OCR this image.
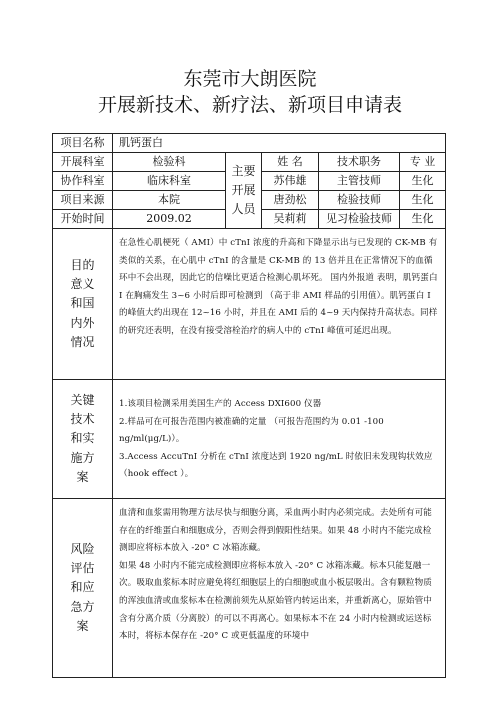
东莞市大朗医院
开展新技术、新疗法、新项目申请表
项目名称	肌钙蛋白				
开展科室	检验科	主要开展人员	姓 名	技术职务	专 业
协作科室	临床科室		苏伟雄	主管技师	生化
项目来源	本院		唐劲松	检验技师	生化
开始时间	2009.02		吴莉莉	见习检验技师	生化

目的意义和国内外情况	在急性心肌梗死（ AMI）中 cTnI 浓度的升高和下降显示出与已发现的 CK-MB 有类似的关系，在心肌中 cTnI 的含量是 CK-MB 的 13 倍并且在正常情况下的血循环中不会出现，因此它的信噪比更适合检测心肌坏死。 国内外报道 表明，肌钙蛋白 I 在胸痛发生 3~6 小时后即可检测到 （高于非 AMI 样品的引用值）。肌钙蛋白 I 的峰值大约出现在 12~16 小时，并且在 AMI 后的 4~9 天内保持升高状态。同样的研究还表明，在没有接受溶栓治疗的病人中的 cTnI 峰值可延迟出现。				

关键技术和实施方案	1.该项目检测采用美国生产的 Access DXI600 仪器

2.样品可在可报告范围内被准确的定量 （可报告范围约为 0.01 -100 ng/ml(μg/L)）。

3.Access AccuTnI 分析在 cTnI 浓度达到 1920 ng/mL 时依旧未发现钩状效应（hook effect ）。				

风险评估和应急方案	血清和血浆需用物理方法尽快与细胞分离，采血两小时内必须完成。去处所有可能存在的纤维蛋白和细胞成分，否则会得到假阳性结果。如果 48 小时内不能完成检测即应将标本放入 -20° C 冰箱冻藏。

如果 48 小时内不能完成检测即应将标本放入 -20° C 冰箱冻藏。标本只能复融一次。吸取血浆标本时应避免将红细胞层上的白细胞或血小板层吸出。含有颗粒物质的浑浊血清或血浆标本在检测前须先从原始管内转运出来，并重新离心，原始管中含有分离介质（分离胶）的可以不再离心。如果标本不在 24 小时内检测或运送标本时，将标本保存在 -20° C 或更低温度的环境中				
